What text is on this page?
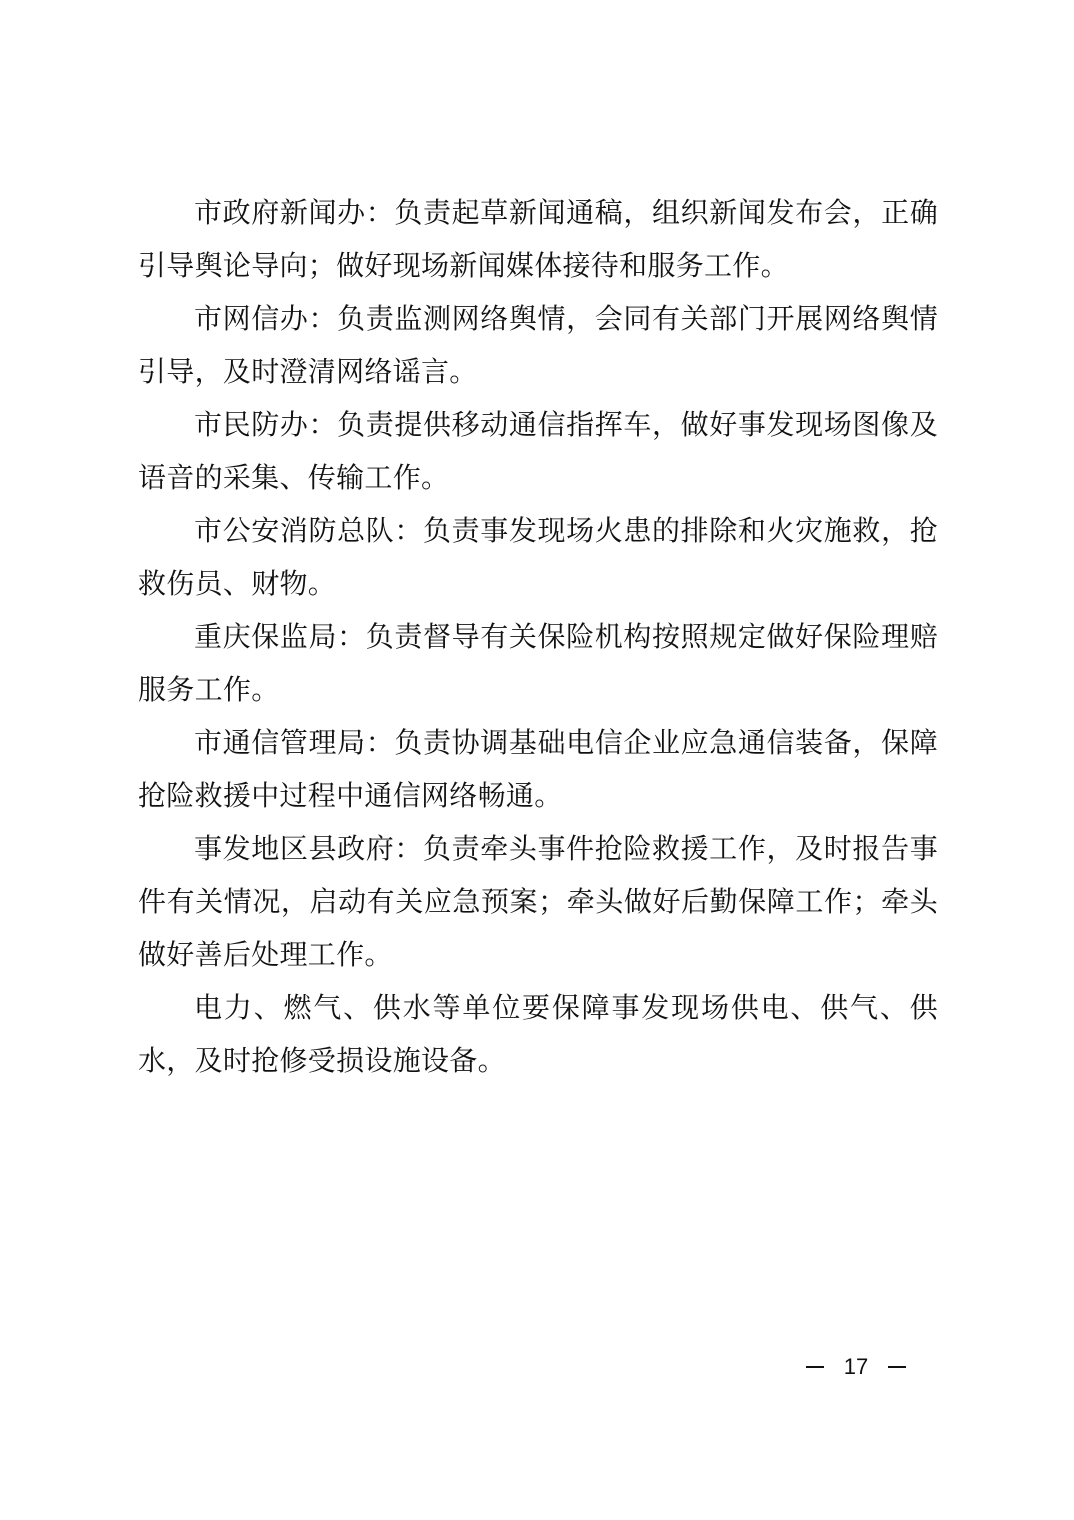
市政府新闻办：负责起草新闻通稿，组织新闻发布会，正确引导舆论导向；做好现场新闻媒体接待和服务工作。

市网信办：负责监测网络舆情，会同有关部门开展网络舆情引导，及时澄清网络谣言。

市民防办：负责提供移动通信指挥车，做好事发现场图像及语音的采集、传输工作。

市公安消防总队：负责事发现场火患的排除和火灾施救，抢救伤员、财物。

重庆保监局：负责督导有关保险机构按照规定做好保险理赔服务工作。

市通信管理局：负责协调基础电信企业应急通信装备，保障抢险救援中过程中通信网络畅通。

事发地区县政府：负责牵头事件抢险救援工作，及时报告事件有关情况，启动有关应急预案；牵头做好后勤保障工作；牵头做好善后处理工作。

电力、燃气、供水等单位要保障事发现场供电、供气、供水，及时抢修受损设施设备。

17
